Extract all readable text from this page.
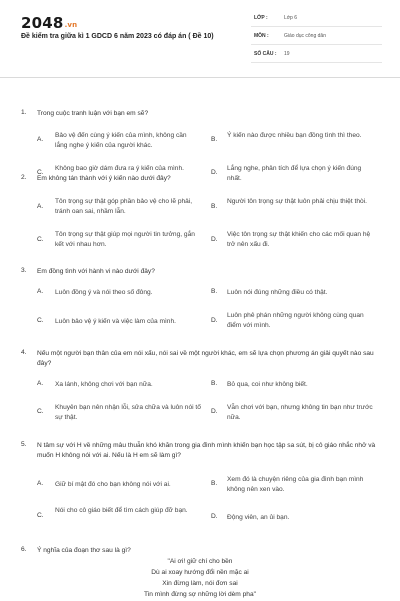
2048.vn
Đề kiểm tra giữa kì 1 GDCD 6 năm 2023 có đáp án ( Đề 10)
LỚP :	Lớp 6
MÔN :	Giáo dục công dân
SỐ CÂU : 19
1. Trong cuộc tranh luận với bạn em sẽ?
A.
Bảo vệ đến cùng ý kiến của mình, không cần lắng nghe ý kiến của người khác.
B.
Ý kiến nào được nhiều bạn đồng tình thì theo.
C.
Không bao giờ dám đưa ra ý kiến của mình.
D.
Lắng nghe, phân tích để lựa chọn ý kiến đúng nhất.
2. Em không tán thành với ý kiến nào dưới đây?
A.
Tôn trọng sự thật góp phần bảo vệ cho lẽ phải, tránh oan sai, nhầm lẫn.
B.
Người tôn trọng sự thật luôn phải chịu thiệt thòi.
C.
Tôn trọng sự thật giúp mọi người tin tưởng, gắn kết với nhau hơn.
D.
Việc tôn trọng sự thật khiến cho các mối quan hệ trở nên xấu đi.
3. Em đồng tình với hành vi nào dưới đây?
A. Luôn đồng ý và nói theo số đông.	B. Luôn nói đúng những điều có thật.
C. Luôn bảo vệ ý kiến và việc làm của mình.	D.
Luôn phê phán những người không cùng quan điểm với mình.
4. Nếu một người bạn thân của em nói xấu, nói sai về một người khác, em sẽ lựa chọn phương án giải quyết nào sau đây?
A. Xa lánh, không chơi với bạn nữa.	B. Bỏ qua, coi như không biết.
C.
Khuyên bạn nên nhận lỗi, sửa chữa và luôn nói tố sự thật.
D.
Vẫn chơi với bạn, nhưng không tin bạn như trước nữa.
5. N tâm sự với H về những mâu thuẫn khó khăn trong gia đình mình khiến bạn học tập sa sút, bị cô giáo nhắc nhở và muốn H không nói với ai. Nếu là H em sẽ làm gì?
A. Giữ bí mật đó cho bạn không nói với ai.	B.
Xem đó là chuyện riêng của gia đình bạn mình không nên xen vào.
C.
Nói cho cô giáo biết để tìm cách giúp đỡ bạn.
D. Động viên, an ủi bạn.
6. Ý nghĩa của đoạn thơ sau là gì?
"Ai ơi! giữ chí cho bền
Dù ai xoay hướng đổi nền mặc ai
Xin đừng làm, nói đơn sai
Tin mình đừng sợ những lời dèm pha"
